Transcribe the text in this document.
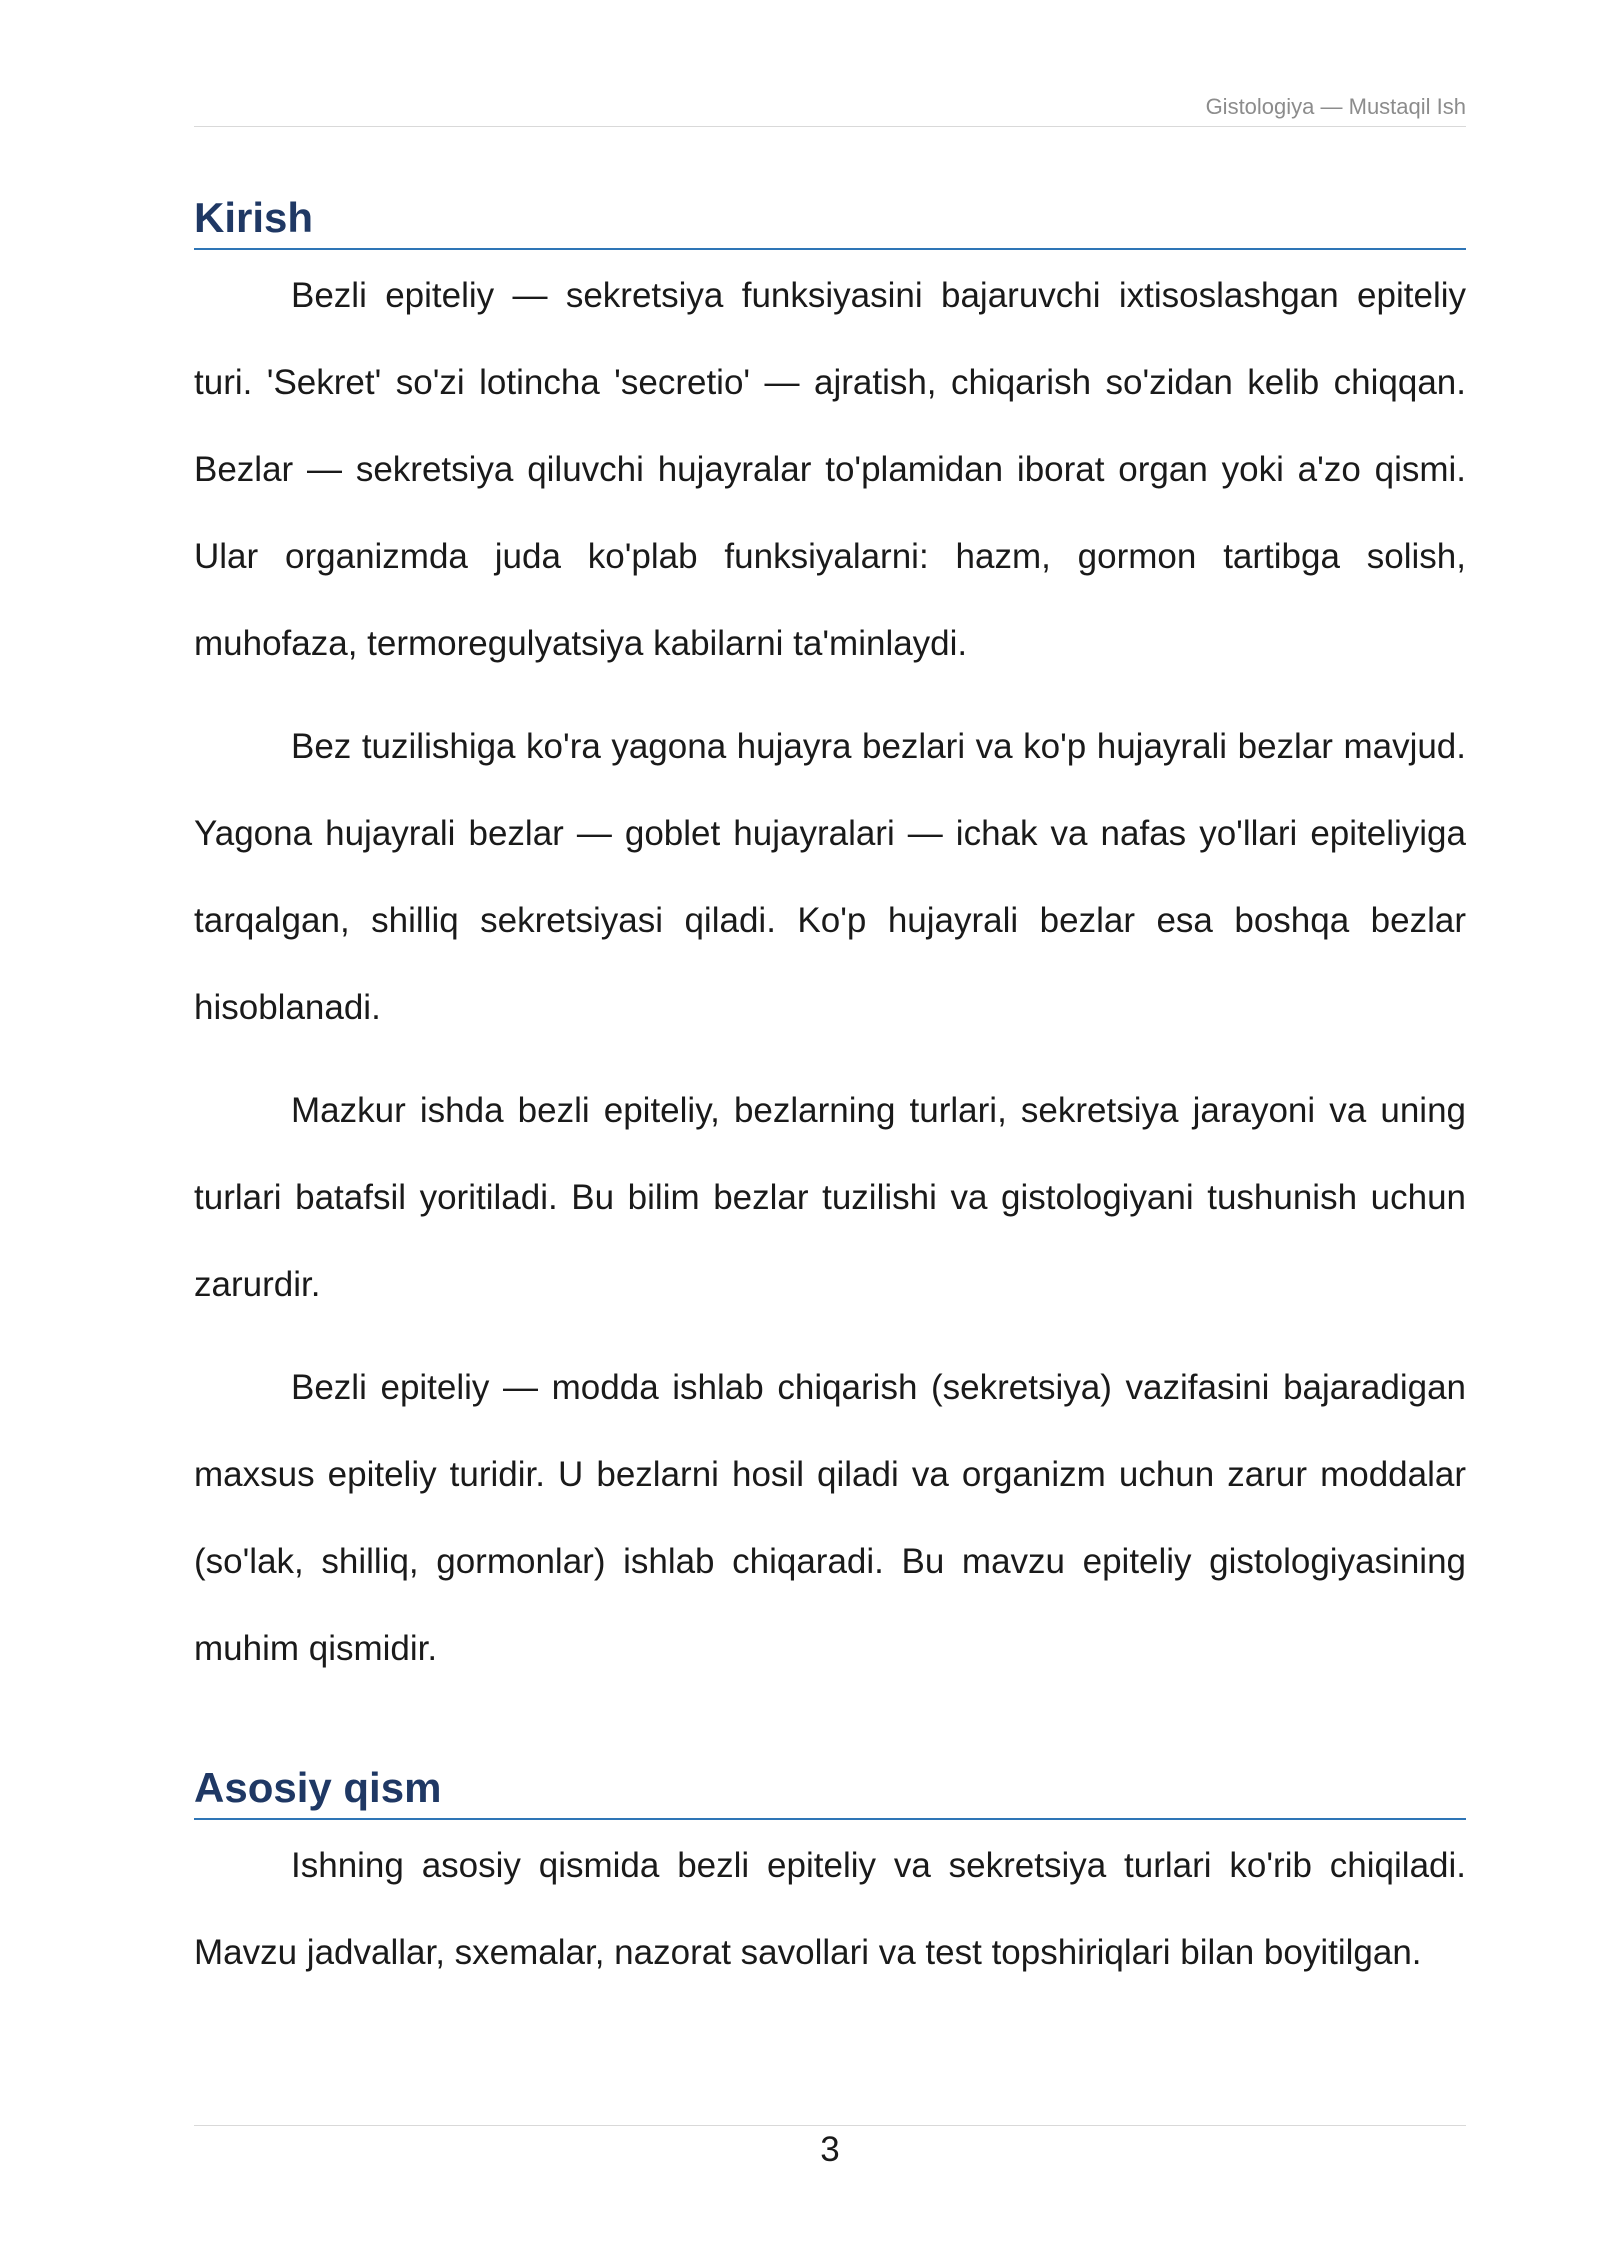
Gistologiya — Mustaqil Ish
Kirish

Bezli epiteliy — sekretsiya funksiyasini bajaruvchi ixtisoslashgan epiteliy turi. 'Sekret' so'zi lotincha 'secretio' — ajratish, chiqarish so'zidan kelib chiqqan. Bezlar — sekretsiya qiluvchi hujayralar to'plamidan iborat organ yoki a'zo qismi. Ular organizmda juda ko'plab funksiyalarni: hazm, gormon tartibga solish, muhofaza, termoregulyatsiya kabilarni ta'minlaydi.

Bez tuzilishiga ko'ra yagona hujayra bezlari va ko'p hujayrali bezlar mavjud. Yagona hujayrali bezlar — goblet hujayralari — ichak va nafas yo'llari epiteliyiga tarqalgan, shilliq sekretsiyasi qiladi. Ko'p hujayrali bezlar esa boshqa bezlar hisoblanadi.

Mazkur ishda bezli epiteliy, bezlarning turlari, sekretsiya jarayoni va uning turlari batafsil yoritiladi. Bu bilim bezlar tuzilishi va gistologiyani tushunish uchun zarurdir.

Bezli epiteliy — modda ishlab chiqarish (sekretsiya) vazifasini bajaradigan maxsus epiteliy turidir. U bezlarni hosil qiladi va organizm uchun zarur moddalar (so'lak, shilliq, gormonlar) ishlab chiqaradi. Bu mavzu epiteliy gistologiyasining muhim qismidir.

Asosiy qism

Ishning asosiy qismida bezli epiteliy va sekretsiya turlari ko'rib chiqiladi. Mavzu jadvallar, sxemalar, nazorat savollari va test topshiriqlari bilan boyitilgan.

3
